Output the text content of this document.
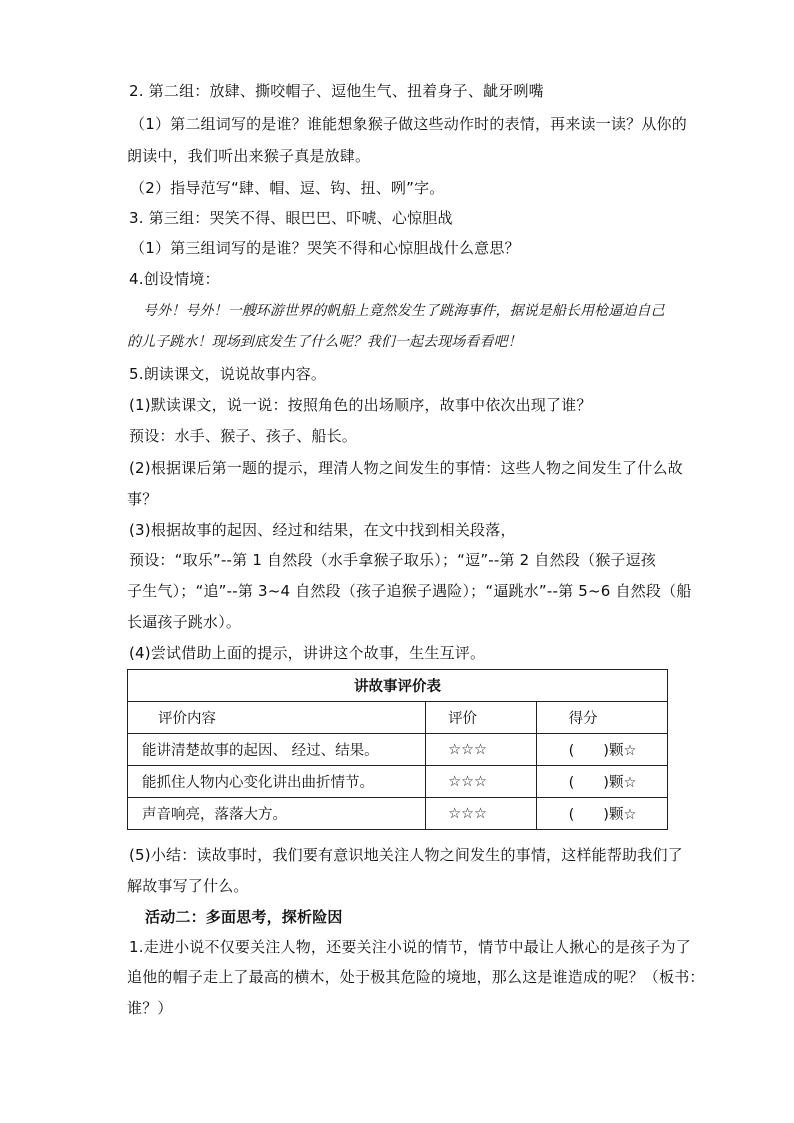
2. 第二组：放肆、撕咬帽子、逗他生气、扭着身子、龇牙咧嘴
（1）第二组词写的是谁？谁能想象猴子做这些动作时的表情，再来读一读？从你的
朗读中，我们听出来猴子真是放肆。
（2）指导范写“肆、帽、逗、钩、扭、咧”字。
3. 第三组：哭笑不得、眼巴巴、吓唬、心惊胆战
（1）第三组词写的是谁？哭笑不得和心惊胆战什么意思？
4.创设情境：
号外！号外！一艘环游世界的帆船上竟然发生了跳海事件，据说是船长用枪逼迫自己
的儿子跳水！现场到底发生了什么呢？我们一起去现场看看吧！
5.朗读课文，说说故事内容。
(1)默读课文，说一说：按照角色的出场顺序，故事中依次出现了谁？
预设：水手、猴子、孩子、船长。
(2)根据课后第一题的提示，理清人物之间发生的事情：这些人物之间发生了什么故
事？
(3)根据故事的起因、经过和结果，在文中找到相关段落，
预设：“取乐”--第 1 自然段（水手拿猴子取乐）；“逗”--第 2 自然段（猴子逗孩
子生气）；“追”--第 3~4 自然段（孩子追猴子遇险）；“逼跳水”--第 5~6 自然段（船
长逼孩子跳水）。
(4)尝试借助上面的提示，讲讲这个故事，生生互评。
讲故事评价表		
评价内容	评价	得分
能讲清楚故事的起因、 经过、结果。	☆☆☆	(　　)颗☆
能抓住人物内心变化讲出曲折情节。	☆☆☆	(　　)颗☆
声音响亮，落落大方。	☆☆☆	(　　)颗☆
(5)小结：读故事时，我们要有意识地关注人物之间发生的事情，这样能帮助我们了
解故事写了什么。
活动二：多面思考，探析险因
1.走进小说不仅要关注人物，还要关注小说的情节，情节中最让人揪心的是孩子为了
追他的帽子走上了最高的横木，处于极其危险的境地，那么这是谁造成的呢？（板书：
谁？）
